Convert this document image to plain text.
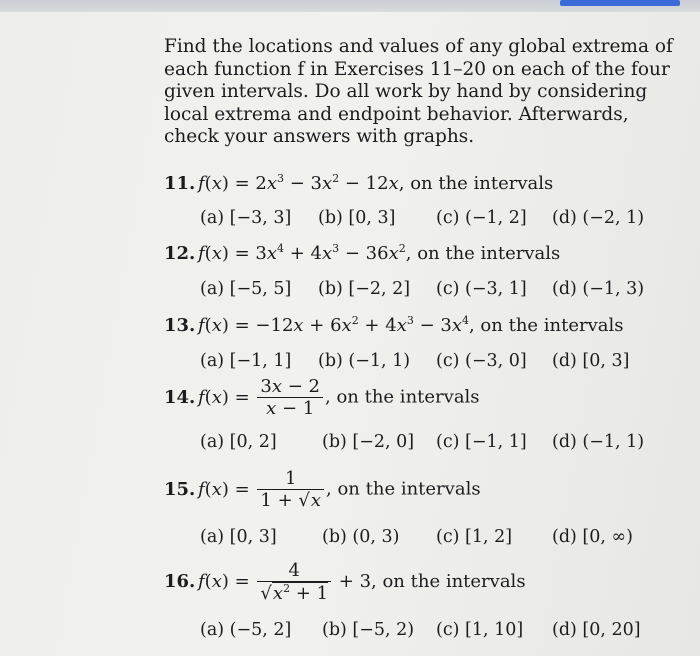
Find the locations and values of any global extrema of each function f in Exercises 11–20 on each of the four given intervals. Do all work by hand by considering local extrema and endpoint behavior. Afterwards, check your answers with graphs.

11. $f(x) = 2x^3 - 3x^2 - 12x$, on the intervals
(a) [−3, 3] (b) [0, 3] (c) (−1, 2] (d) (−2, 1)
12. $f(x) = 3x^4 + 4x^3 - 36x^2$, on the intervals
(a) [−5, 5] (b) [−2, 2] (c) (−3, 1] (d) (−1, 3)
13. $f(x) = -12x + 6x^2 + 4x^3 - 3x^4$, on the intervals
(a) [−1, 1] (b) (−1, 1) (c) (−3, 0] (d) [0, 3]
14. $f(x) = \frac{3x - 2}{x - 1}$ , on the intervals
(a) [0, 2]	(b) [−2, 0] (c) [−1, 1] (d) (−1, 1)
15. $f(x) = \frac{1}{1 + √x}$ , on the intervals
(a) [0, 3]	(b) (0, 3) (c) [1, 2] (d) [0, ∞)
16. $f(x) = \frac{4}{√x^2 + 1} + 3$, on the intervals
(a) (−5, 2] (b) [−5, 2) (c) [1, 10] (d) [0, 20]
